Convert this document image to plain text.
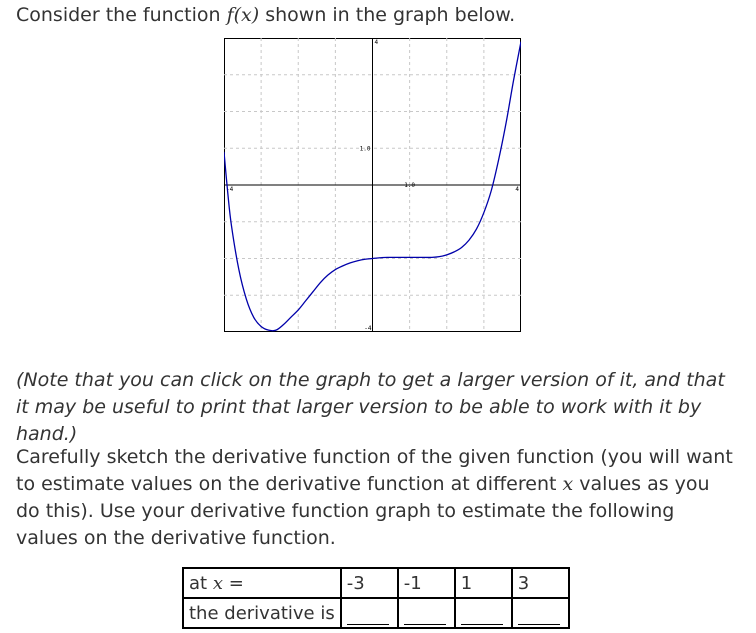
Consider the function f(x) shown in the graph below.

4
-4
-4	4
1.0
1.0

(Note that you can click on the graph to get a larger version of it, and that it may be useful to print that larger version to be able to work with it by hand.)

Carefully sketch the derivative function of the given function (you will want to estimate values on the derivative function at different x values as you do this). Use your derivative function graph to estimate the following values on the derivative function.

at x =	-3	-1	1	3
the derivative is				
